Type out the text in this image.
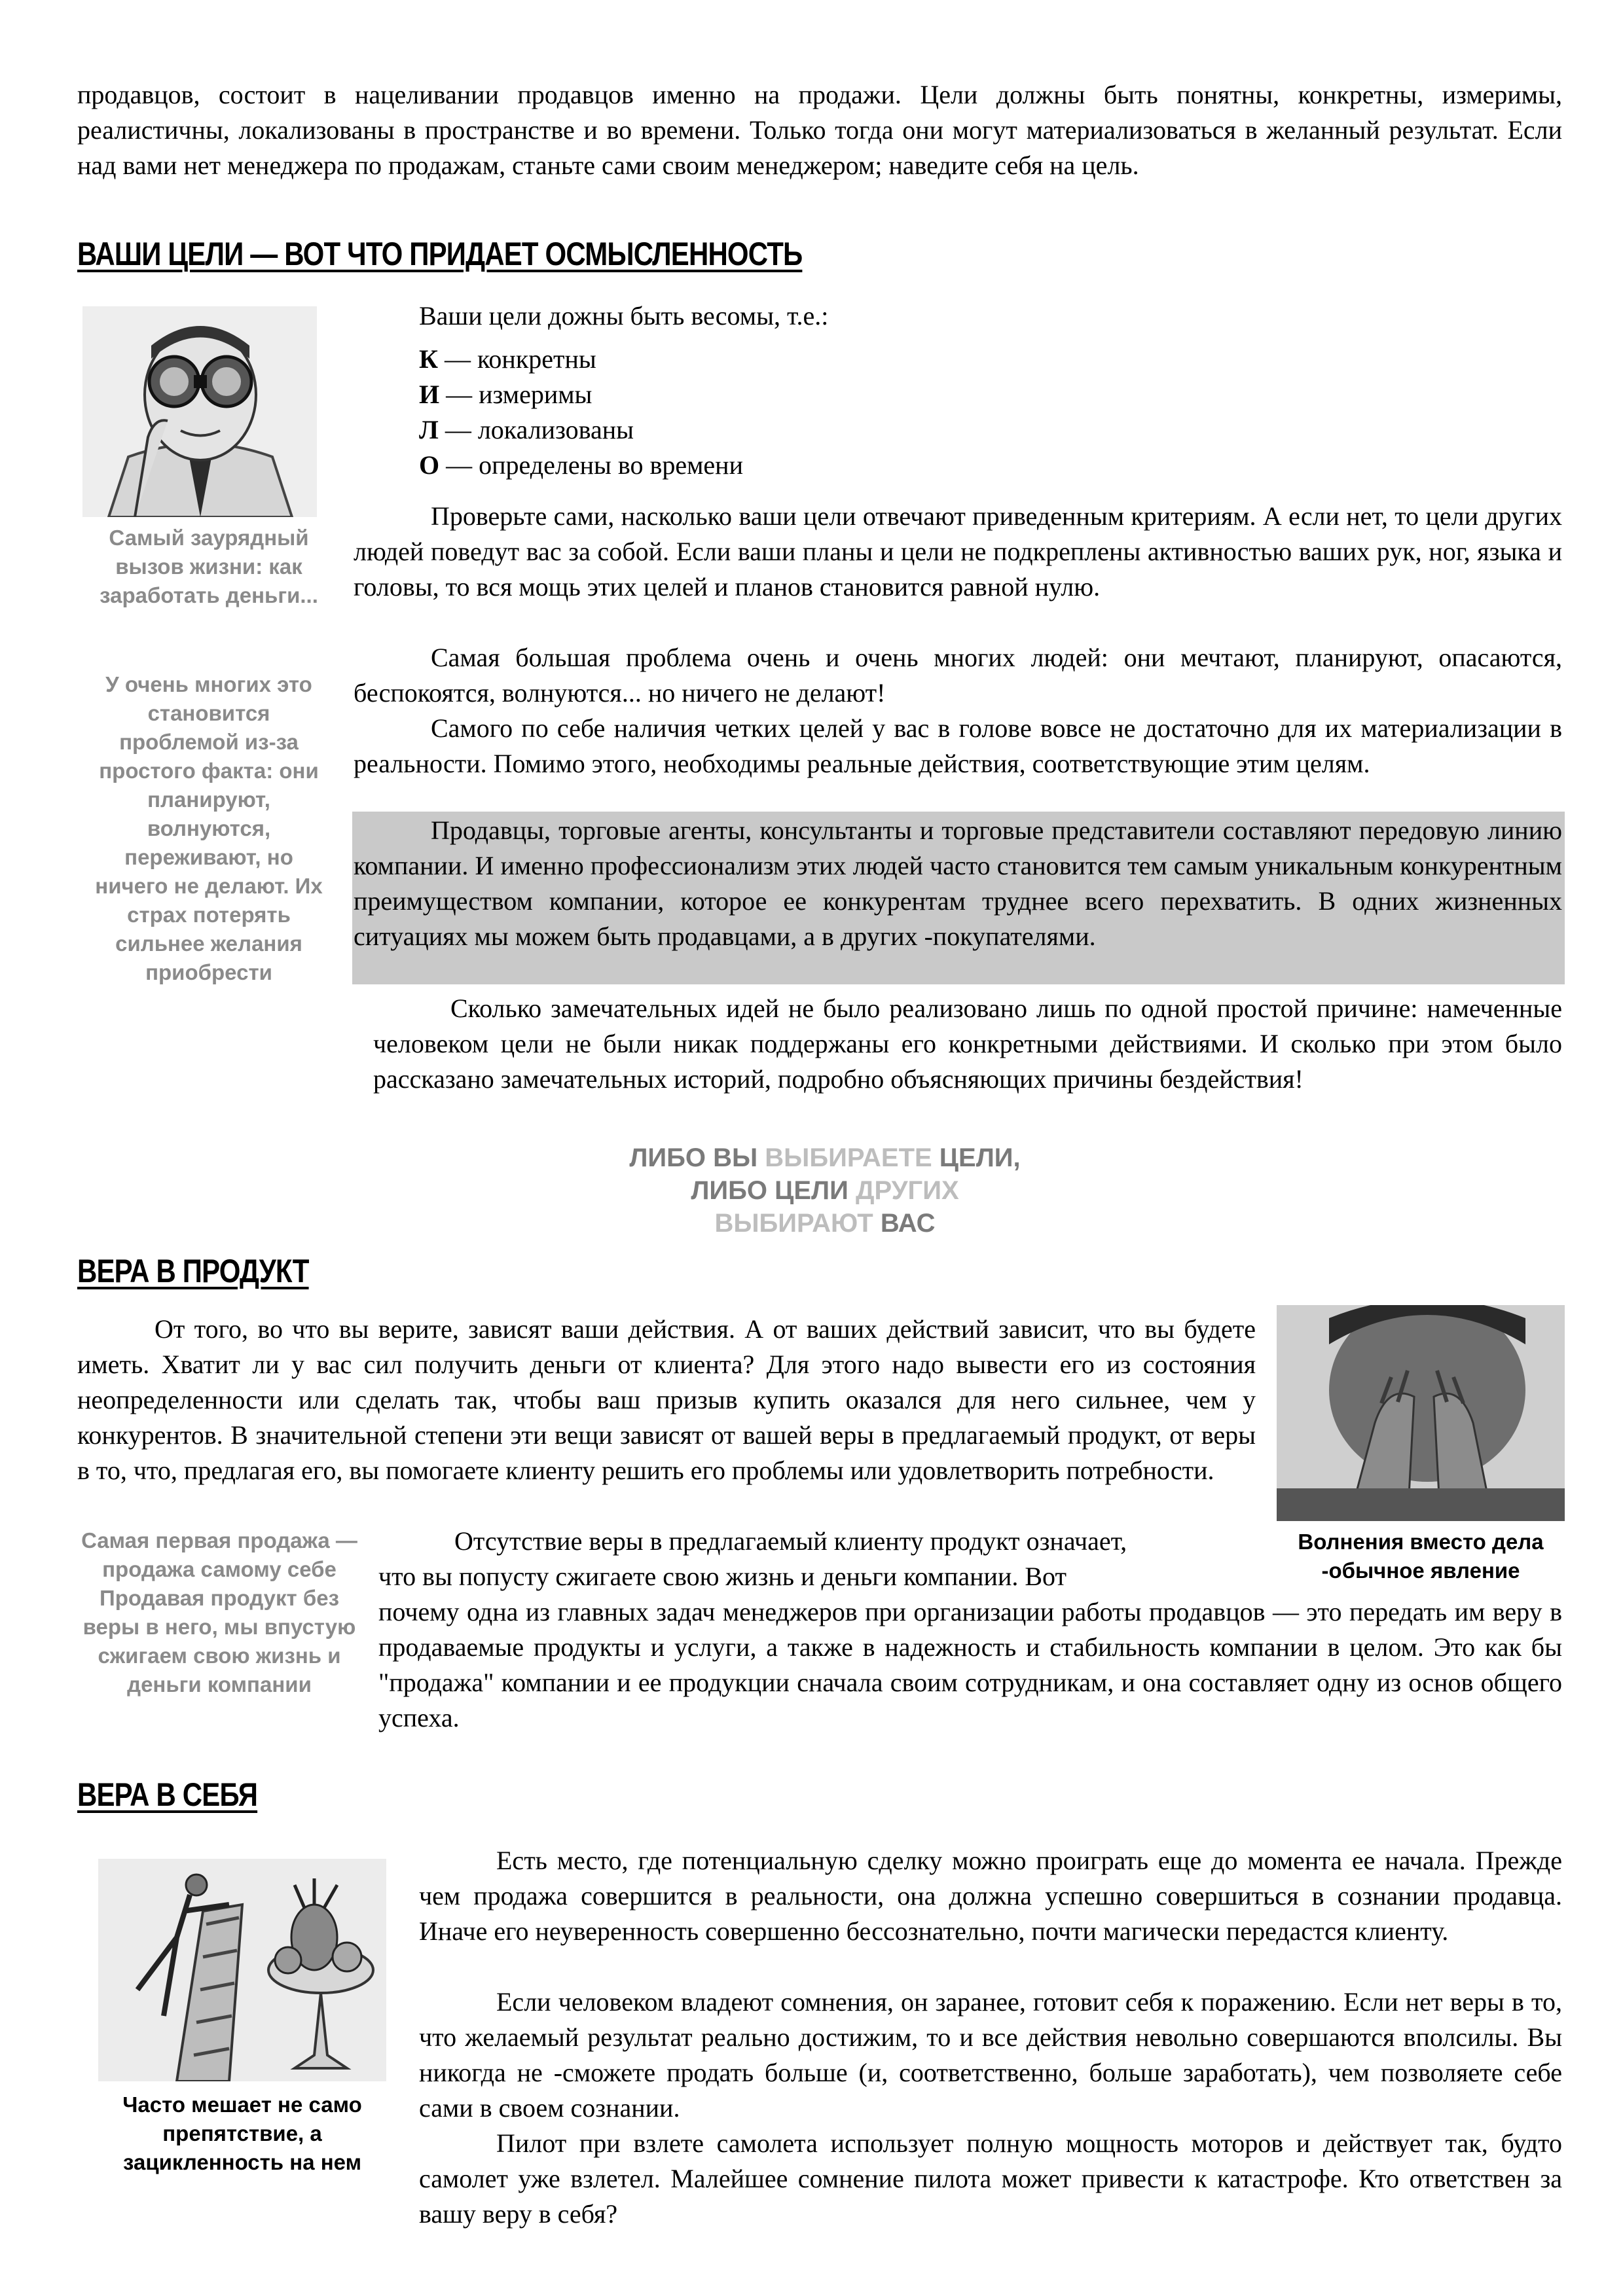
продавцов, состоит в нацеливании продавцов именно на продажи. Цели должны быть понятны, конкретны, измеримы, реалистичны, локализованы в пространстве и во времени. Только тогда они могут материализоваться в желанный результат. Если над вами нет менеджера по продажам, станьте сами своим менеджером; наведите себя на цель.

ВАШИ ЦЕЛИ — ВОТ ЧТО ПРИДАЕТ ОСМЫСЛЕННОСТЬ

Самый заурядный вызов жизни: как заработать деньги...

У очень многих это становится проблемой из-за простого факта: они планируют, волнуются, переживают, но ничего не делают. Их страх потерять сильнее желания приобрести

Ваши цели дожны быть весомы, т.е.:

К — конкретны
И — измеримы
Л — локализованы
О — определены во времени

Проверьте сами, насколько ваши цели отвечают приведенным критериям. А если нет, то цели других людей поведут вас за собой. Если ваши планы и цели не подкреплены активностью ваших рук, ног, языка и головы, то вся мощь этих целей и планов становится равной нулю.

Самая большая проблема очень и очень многих людей: они мечтают, планируют, опасаются, беспокоятся, волнуются... но ничего не делают!

Самого по себе наличия четких целей у вас в голове вовсе не достаточно для их материализации в реальности. Помимо этого, необходимы реальные действия, соответствующие этим целям.

Продавцы, торговые агенты, консультанты и торговые представители составляют передовую линию компании. И именно профессионализм этих людей часто становится тем самым уникальным конкурентным преимуществом компании, которое ее конкурентам труднее всего перехватить. В одних жизненных ситуациях мы можем быть продавцами, а в других -покупателями.

Сколько замечательных идей не было реализовано лишь по одной простой причине: намеченные человеком цели не были никак поддержаны его конкретными действиями. И сколько при этом было рассказано замечательных историй, подробно объясняющих причины бездействия!

ЛИБО ВЫ ВЫБИРАЕТЕ ЦЕЛИ,
ЛИБО ЦЕЛИ ДРУГИХ
ВЫБИРАЮТ ВАС
ВЕРА В ПРОДУКТ

Волнения вместо дела -обычное явление

От того, во что вы верите, зависят ваши действия. А от ваших действий зависит, что вы будете иметь. Хватит ли у вас сил получить деньги от клиента? Для этого надо вывести его из состояния неопределенности или сделать так, чтобы ваш призыв купить оказался для него сильнее, чем у конкурентов. В значительной степени эти вещи зависят от вашей веры в предлагаемый продукт, от веры в то, что, предлагая его, вы помогаете клиенту решить его проблемы или удовлетворить потребности.

Самая первая продажа — продажа самому себе Продавая продукт без веры в него, мы впустую сжигаем свою жизнь и деньги компании

Отсутствие веры в предлагаемый клиенту продукт означает,

что вы попусту сжигаете свою жизнь и деньги компании. Вот

почему одна из главных задач менеджеров при организации работы продавцов — это передать им веру в продаваемые продукты и услуги, а также в надежность и стабильность компании в целом. Это как бы "продажа" компании и ее продукции сначала своим сотрудникам, и она составляет одну из основ общего успеха.

ВЕРА В СЕБЯ

Часто мешает не само препятствие, а зацикленность на нем

Есть место, где потенциальную сделку можно проиграть еще до момента ее начала. Прежде чем продажа совершится в реальности, она должна успешно совершиться в сознании продавца. Иначе его неуверенность совершенно бессознательно, почти магически передастся клиенту.

Если человеком владеют сомнения, он заранее, готовит себя к поражению. Если нет веры в то, что желаемый результат реально достижим, то и все действия невольно совершаются вполсилы. Вы никогда не -сможете продать больше (и, соответственно, больше заработать), чем позволяете себе сами в своем сознании.

Пилот при взлете самолета использует полную мощность моторов и действует так, будто самолет уже взлетел. Малейшее сомнение пилота может привести к катастрофе. Кто ответствен за вашу веру в себя?
